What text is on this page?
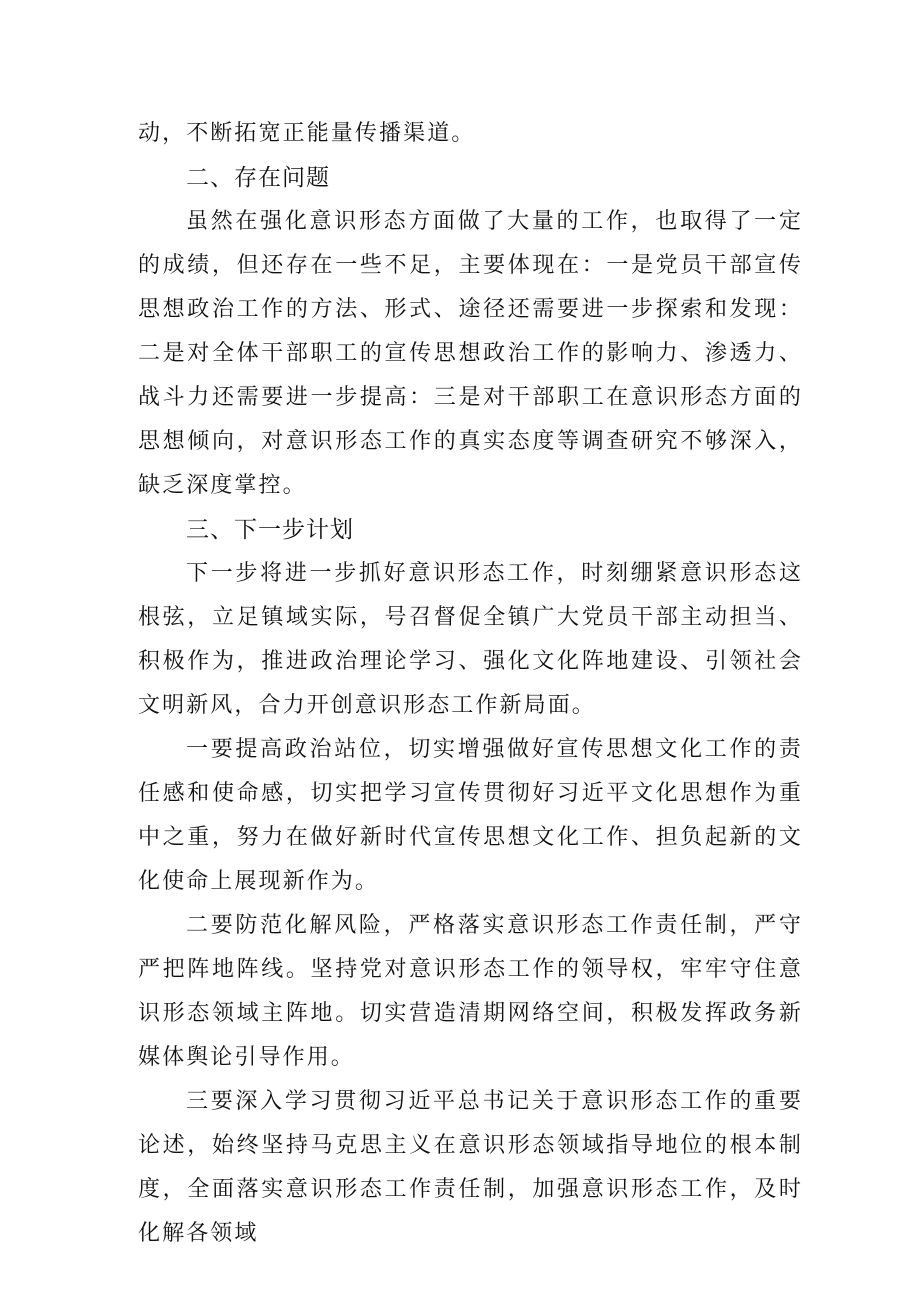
动，不断拓宽正能量传播渠道。

二、存在问题

虽然在强化意识形态方面做了大量的工作，也取得了一定的成绩，但还存在一些不足，主要体现在：一是党员干部宣传思想政治工作的方法、形式、途径还需要进一步探索和发现：二是对全体干部职工的宣传思想政治工作的影响力、渗透力、战斗力还需要进一步提高：三是对干部职工在意识形态方面的思想倾向，对意识形态工作的真实态度等调查研究不够深入，缺乏深度掌控。

三、下一步计划

下一步将进一步抓好意识形态工作，时刻绷紧意识形态这根弦，立足镇域实际，号召督促全镇广大党员干部主动担当、积极作为，推进政治理论学习、强化文化阵地建设、引领社会文明新风，合力开创意识形态工作新局面。

一要提高政治站位，切实增强做好宣传思想文化工作的责任感和使命感，切实把学习宣传贯彻好习近平文化思想作为重中之重，努力在做好新时代宣传思想文化工作、担负起新的文化使命上展现新作为。

二要防范化解风险，严格落实意识形态工作责任制，严守严把阵地阵线。坚持党对意识形态工作的领导权，牢牢守住意识形态领域主阵地。切实营造清期网络空间，积极发挥政务新媒体舆论引导作用。

三要深入学习贯彻习近平总书记关于意识形态工作的重要论述，始终坚持马克思主义在意识形态领域指导地位的根本制度，全面落实意识形态工作责任制，加强意识形态工作，及时化解各领域
